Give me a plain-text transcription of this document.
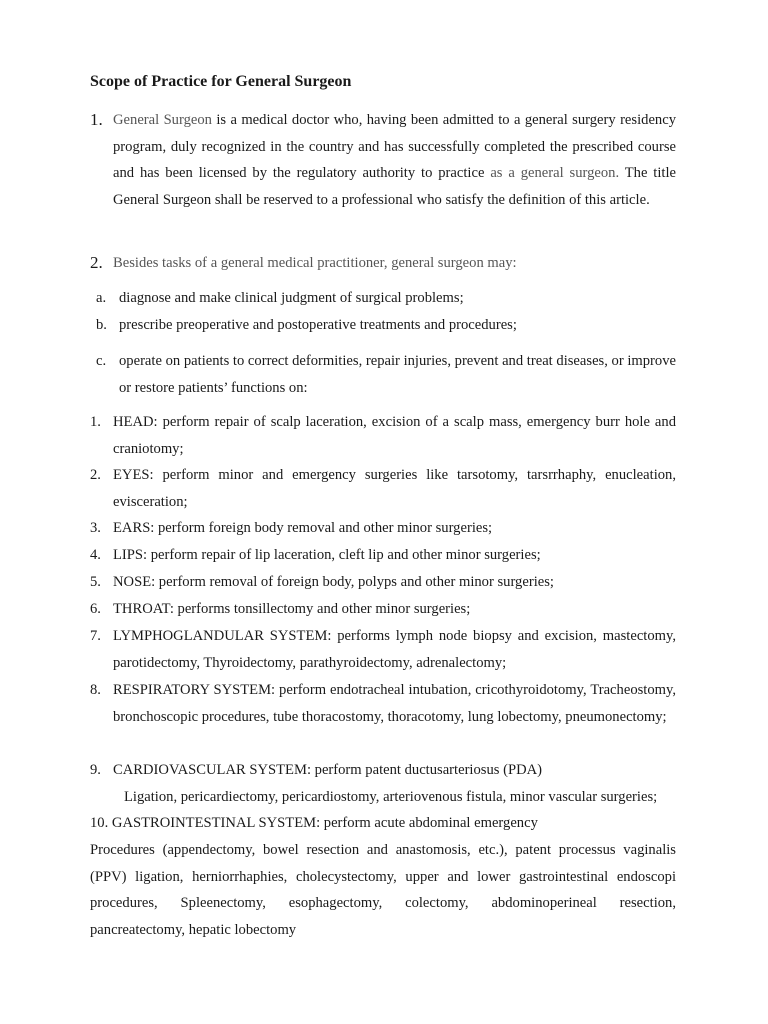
Scope of Practice for General Surgeon
1. General Surgeon is a medical doctor who, having been admitted to a general surgery residency program, duly recognized in the country and has successfully completed the prescribed course and has been licensed by the regulatory authority to practice as a general surgeon. The title General Surgeon shall be reserved to a professional who satisfy the definition of this article.
2. Besides tasks of a general medical practitioner, general surgeon may:
a. diagnose and make clinical judgment of surgical problems;
b. prescribe preoperative and postoperative treatments and procedures;
c. operate on patients to correct deformities, repair injuries, prevent and treat diseases, or improve or restore patients’ functions on:
1. HEAD: perform repair of scalp laceration, excision of a scalp mass, emergency burr hole and craniotomy;
2. EYES: perform minor and emergency surgeries like tarsotomy, tarsrrhaphy, enucleation, evisceration;
3. EARS: perform foreign body removal and other minor surgeries;
4. LIPS: perform repair of lip laceration, cleft lip and other minor surgeries;
5. NOSE: perform removal of foreign body, polyps and other minor surgeries;
6. THROAT: performs tonsillectomy and other minor surgeries;
7. LYMPHOGLANDULAR SYSTEM: performs lymph node biopsy and excision, mastectomy, parotidectomy, Thyroidectomy, parathyroidectomy, adrenalectomy;
8. RESPIRATORY SYSTEM: perform endotracheal intubation, cricothyroidotomy, Tracheostomy, bronchoscopic procedures, tube thoracostomy, thoracotomy, lung lobectomy, pneumonectomy;
9. CARDIOVASCULAR SYSTEM: perform patent ductusarteriosus (PDA)
Ligation, pericardiectomy, pericardiostomy, arteriovenous fistula, minor vascular surgeries;
10. GASTROINTESTINAL SYSTEM: perform acute abdominal emergency
Procedures (appendectomy, bowel resection and anastomosis, etc.), patent processus vaginalis (PPV) ligation, herniorrhaphies, cholecystectomy, upper and lower gastrointestinal endoscopi procedures, Spleenectomy, esophagectomy, colectomy, abdominoperineal resection, pancreatectomy, hepatic lobectomy
